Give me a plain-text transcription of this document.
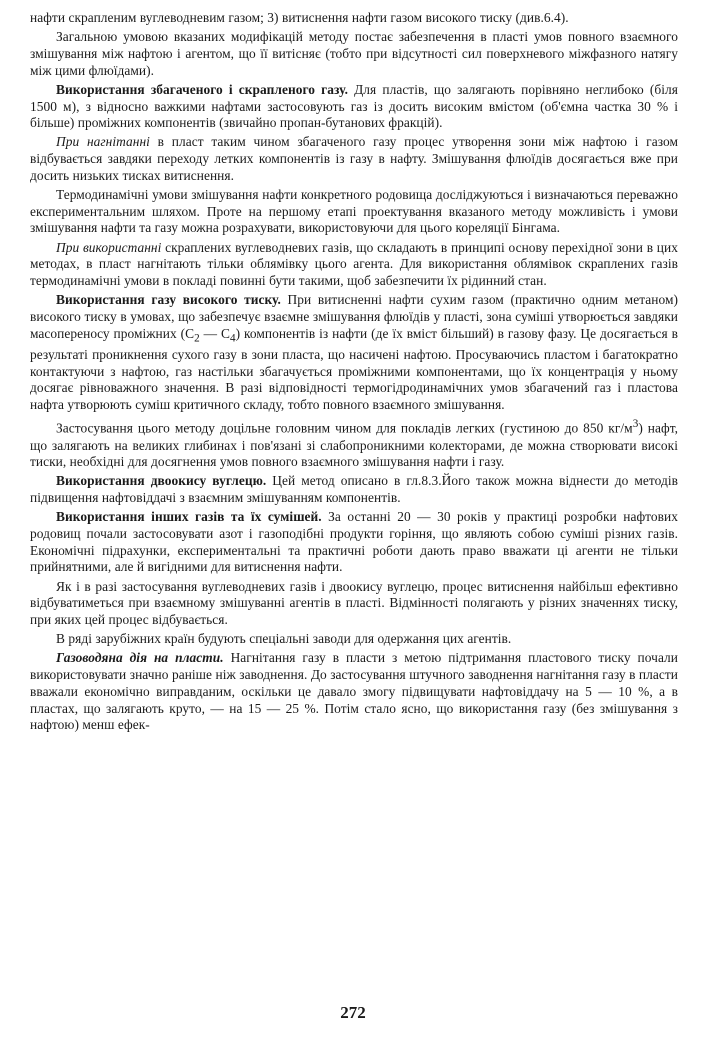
нафти скрапленим вуглеводневим газом; 3) витиснення нафти газом високого тиску (див.6.4).

Загальною умовою вказаних модифікацій методу постає забезпечення в пласті умов повного взаємного змішування між нафтою і агентом, що її витісняє (тобто при відсутності сил поверхневого міжфазного натягу між цими флюїдами).

Використання збагаченого і скрапленого газу. Для пластів, що залягають порівняно неглибоко (біля 1500 м), з відносно важкими нафтами застосовують газ із досить високим вмістом (об'ємна частка 30 % і більше) проміжних компонентів (звичайно пропан-бутанових фракцій).

При нагнітанні в пласт таким чином збагаченого газу процес утворення зони між нафтою і газом відбувається завдяки переходу летких компонентів із газу в нафту. Змішування флюїдів досягається вже при досить низьких тисках витиснення.

Термодинамічні умови змішування нафти конкретного родовища досліджуються і визначаються переважно експериментальним шляхом. Проте на першому етапі проектування вказаного методу можливість і умови змішування нафти та газу можна розрахувати, використовуючи для цього кореляції Бінгама.

При використанні скраплених вуглеводневих газів, що складають в принципі основу перехідної зони в цих методах, в пласт нагнітають тільки облямівку цього агента. Для використання облямівок скраплених газів термодинамічні умови в покладі повинні бути такими, щоб забезпечити їх рідинний стан.

Використання газу високого тиску. При витисненні нафти сухим газом (практично одним метаном) високого тиску в умовах, що забезпечує взаємне змішування флюїдів у пласті, зона суміші утворюється завдяки масоперенoсу проміжних ($C_2$ — $C_4$) компонентів із нафти (де їх вміст більший) в газову фазу. Це досягається в результаті проникнення сухого газу в зони пласта, що насичені нафтою. Просуваючись пластом і багатократно контактуючи з нафтою, газ настільки збагачується проміжними компонентами, що їх концентрація у ньому досягає рівноважного значення. В разі відповідності термогідродинамічних умов збагачений газ і пластова нафта утворюють суміш критичного складу, тобто повного взаємного змішування.

Застосування цього методу доцільне головним чином для покладів легких (густиною до 850 $кг/м^3$) нафт, що залягають на великих глибинах і пов'язані зі слабопроникними колекторами, де можна створювати високі тиски, необхідні для досягнення умов повного взаємного змішування нафти і газу.

Використання двоокису вуглецю. Цей метод описано в гл.8.3.Його також можна віднести до методів підвищення нафтовіддачі з взаємним змішуванням компонентів.

Використання інших газів та їх сумішей. За останні 20 — 30 років у практиці розробки нафтових родовищ почали застосовувати азот і газоподібні продукти горіння, що являють собою суміші різних газів. Економічні підрахунки, експериментальні та практичні роботи дають право вважати ці агенти не тільки прийнятними, але й вигідними для витиснення нафти.

Як і в разі застосування вуглеводневих газів і двоокису вуглецю, процес витиснення найбільш ефективно відбуватиметься при взаємному змішуванні агентів в пласті. Відмінності полягають у різних значеннях тиску, при яких цей процес відбувається.

В ряді зарубіжних країн будують спеціальні заводи для одержання цих агентів.

Газоводяна дія на пласти. Нагнітання газу в пласти з метою підтримання пластового тиску почали використовувати значно раніше ніж заводнення. До застосування штучного заводнення нагнітання газу в пласти вважали економічно виправданим, оскільки це давало змогу підвищувати нафтовіддачу на 5 — 10 %, а в пластах, що залягають круто, — на 15 — 25 %. Потім стало ясно, що використання газу (без змішування з нафтою) менш ефек-

272
